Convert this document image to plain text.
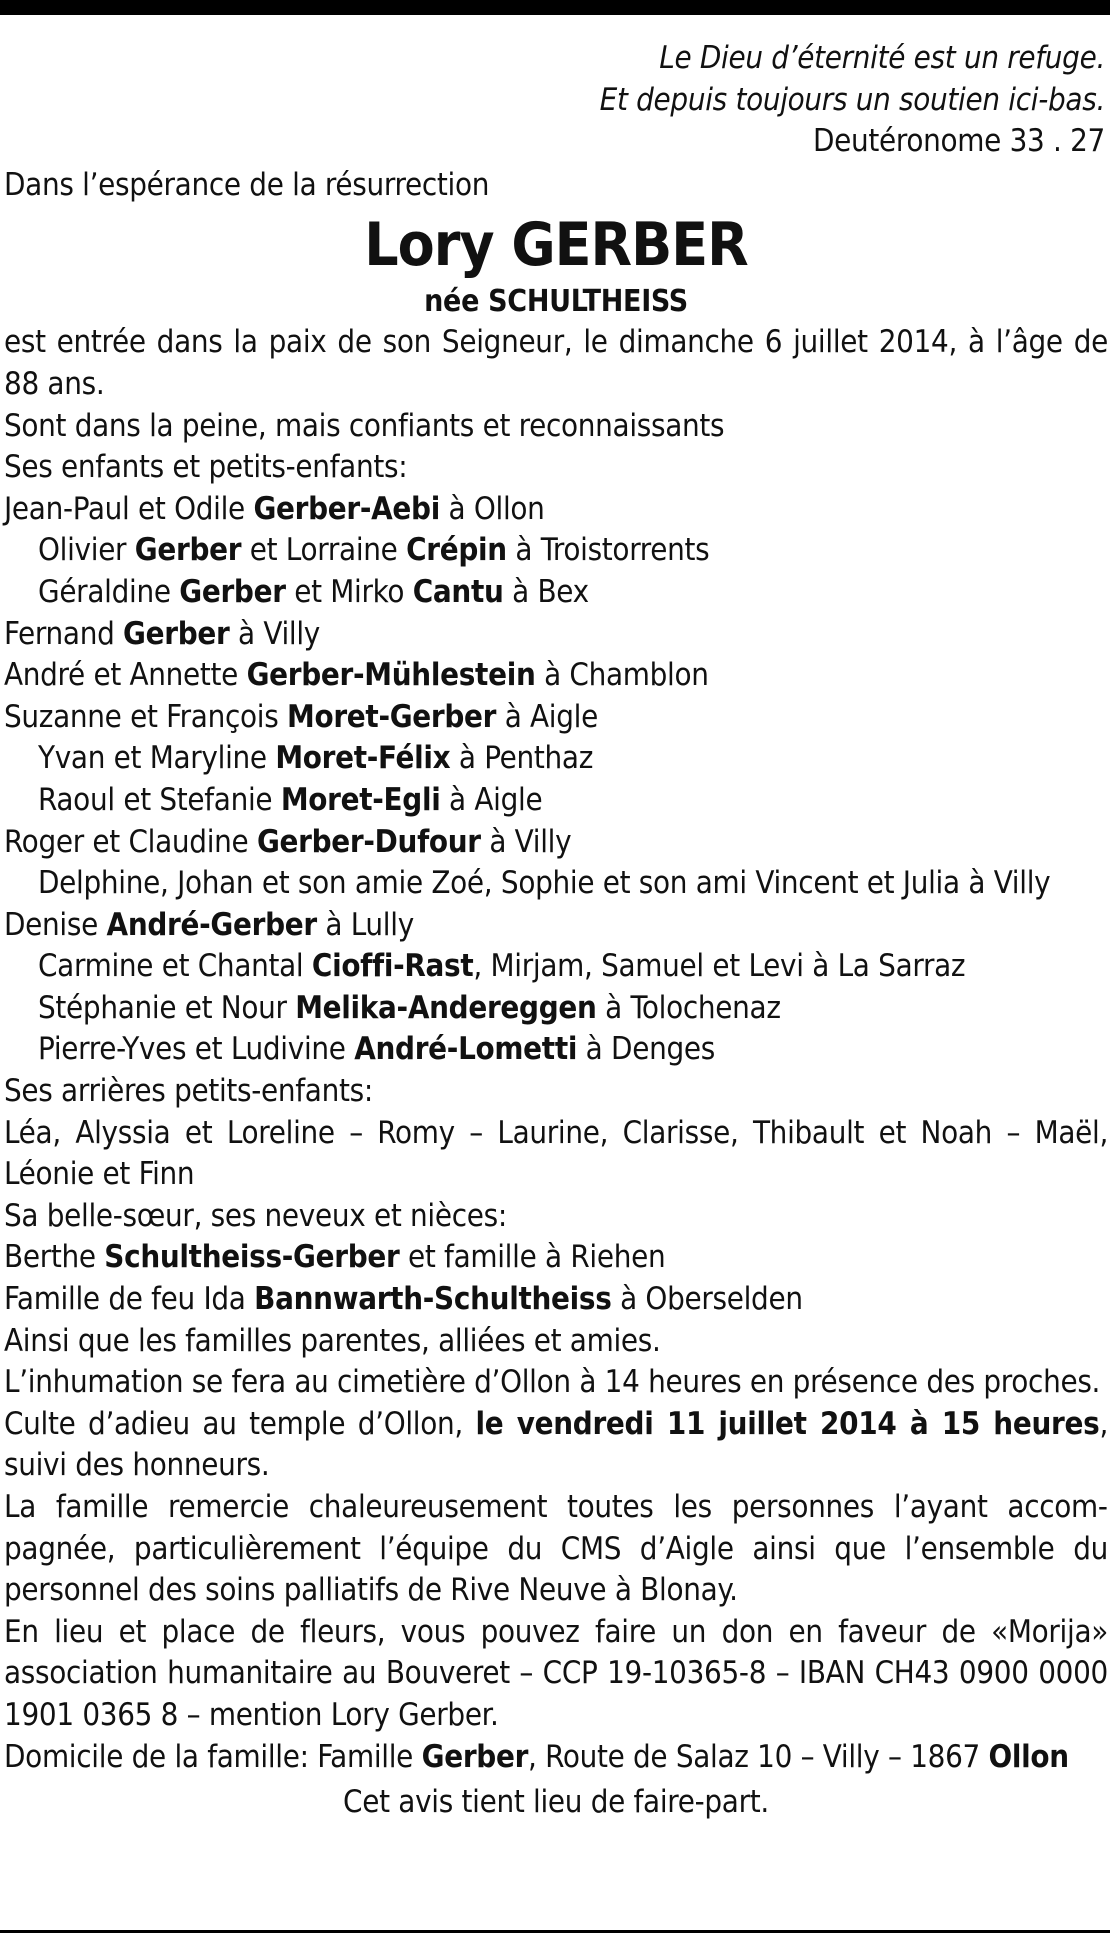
Le Dieu d’éternité est un refuge.
Et depuis toujours un soutien ici-bas.
Deutéronome 33 . 27
Dans l’espérance de la résurrection
Lory GERBER
née SCHULTHEISS
est entrée dans la paix de son Seigneur, le dimanche 6 juillet 2014, à l’âge de 88 ans.
Sont dans la peine, mais confiants et reconnaissants
Ses enfants et petits-enfants:
Jean-Paul et Odile Gerber-Aebi à Ollon
Olivier Gerber et Lorraine Crépin à Troistorrents
Géraldine Gerber et Mirko Cantu à Bex
Fernand Gerber à Villy
André et Annette Gerber-Mühlestein à Chamblon
Suzanne et François Moret-Gerber à Aigle
Yvan et Maryline Moret-Félix à Penthaz
Raoul et Stefanie Moret-Egli à Aigle
Roger et Claudine Gerber-Dufour à Villy
Delphine, Johan et son amie Zoé, Sophie et son ami Vincent et Julia à Villy
Denise André-Gerber à Lully
Carmine et Chantal Cioffi-Rast, Mirjam, Samuel et Levi à La Sarraz
Stéphanie et Nour Melika-Andereggen à Tolochenaz
Pierre-Yves et Ludivine André-Lometti à Denges
Ses arrières petits-enfants:
Léa, Alyssia et Loreline – Romy – Laurine, Clarisse, Thibault et Noah – Maël, Léonie et Finn
Sa belle-sœur, ses neveux et nièces:
Berthe Schultheiss-Gerber et famille à Riehen
Famille de feu Ida Bannwarth-Schultheiss à Oberselden
Ainsi que les familles parentes, alliées et amies.
L’inhumation se fera au cimetière d’Ollon à 14 heures en présence des proches.
Culte d’adieu au temple d’Ollon, le vendredi 11 juillet 2014 à 15 heures, suivi des honneurs.
La famille remercie chaleureusement toutes les personnes l’ayant accompagnée, particulièrement l’équipe du CMS d’Aigle ainsi que l’ensemble du personnel des soins palliatifs de Rive Neuve à Blonay.
En lieu et place de fleurs, vous pouvez faire un don en faveur de «Morija» association humanitaire au Bouveret – CCP 19-10365-8 – IBAN CH43 0900 0000 1901 0365 8 – mention Lory Gerber.
Domicile de la famille: Famille Gerber, Route de Salaz 10 – Villy – 1867 Ollon
Cet avis tient lieu de faire-part.
